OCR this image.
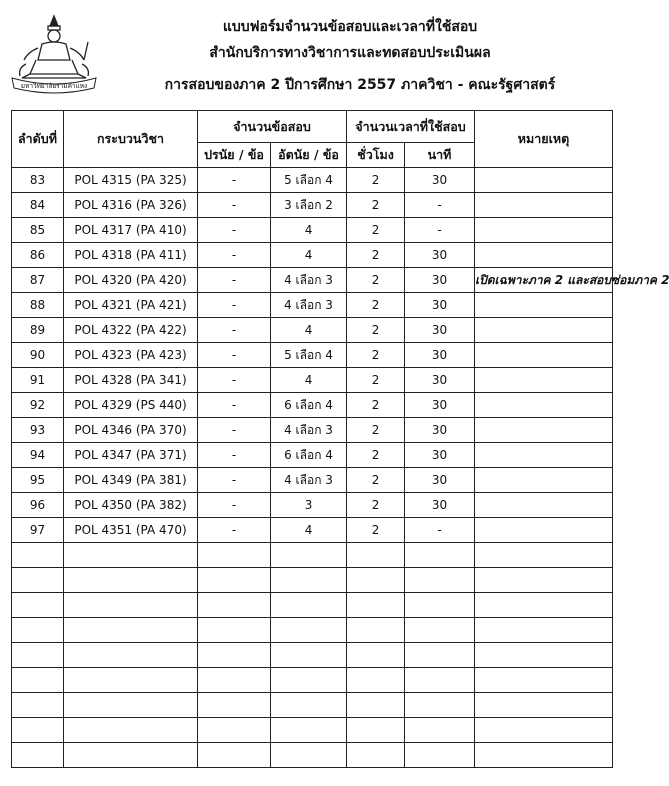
มหาวิทยาลัยรามคำแหง
แบบฟอร์มจำนวนข้อสอบและเวลาที่ใช้สอบ
สำนักบริการทางวิชาการและทดสอบประเมินผล
การสอบของภาค 2 ปีการศึกษา 2557 ภาควิชา - คณะรัฐศาสตร์
ลำดับที่	กระบวนวิชา	จำนวนข้อสอบ		จำนวนเวลาที่ใช้สอบ		หมายเหตุ
		ปรนัย / ข้อ	อัตนัย / ข้อ	ชั่วโมง	นาที	
83	POL 4315 (PA 325)	-	5 เลือก 4	2	30	
84	POL 4316 (PA 326)	-	3 เลือก 2	2	-	
85	POL 4317 (PA 410)	-	4	2	-	
86	POL 4318 (PA 411)	-	4	2	30	
87	POL 4320 (PA 420)	-	4 เลือก 3	2	30	เปิดเฉพาะภาค 2 และสอบซ่อมภาค 2
88	POL 4321 (PA 421)	-	4 เลือก 3	2	30	
89	POL 4322 (PA 422)	-	4	2	30	
90	POL 4323 (PA 423)	-	5 เลือก 4	2	30	
91	POL 4328 (PA 341)	-	4	2	30	
92	POL 4329 (PS 440)	-	6 เลือก 4	2	30	
93	POL 4346 (PA 370)	-	4 เลือก 3	2	30	
94	POL 4347 (PA 371)	-	6 เลือก 4	2	30	
95	POL 4349 (PA 381)	-	4 เลือก 3	2	30	
96	POL 4350 (PA 382)	-	3	2	30	
97	POL 4351 (PA 470)	-	4	2	-	
